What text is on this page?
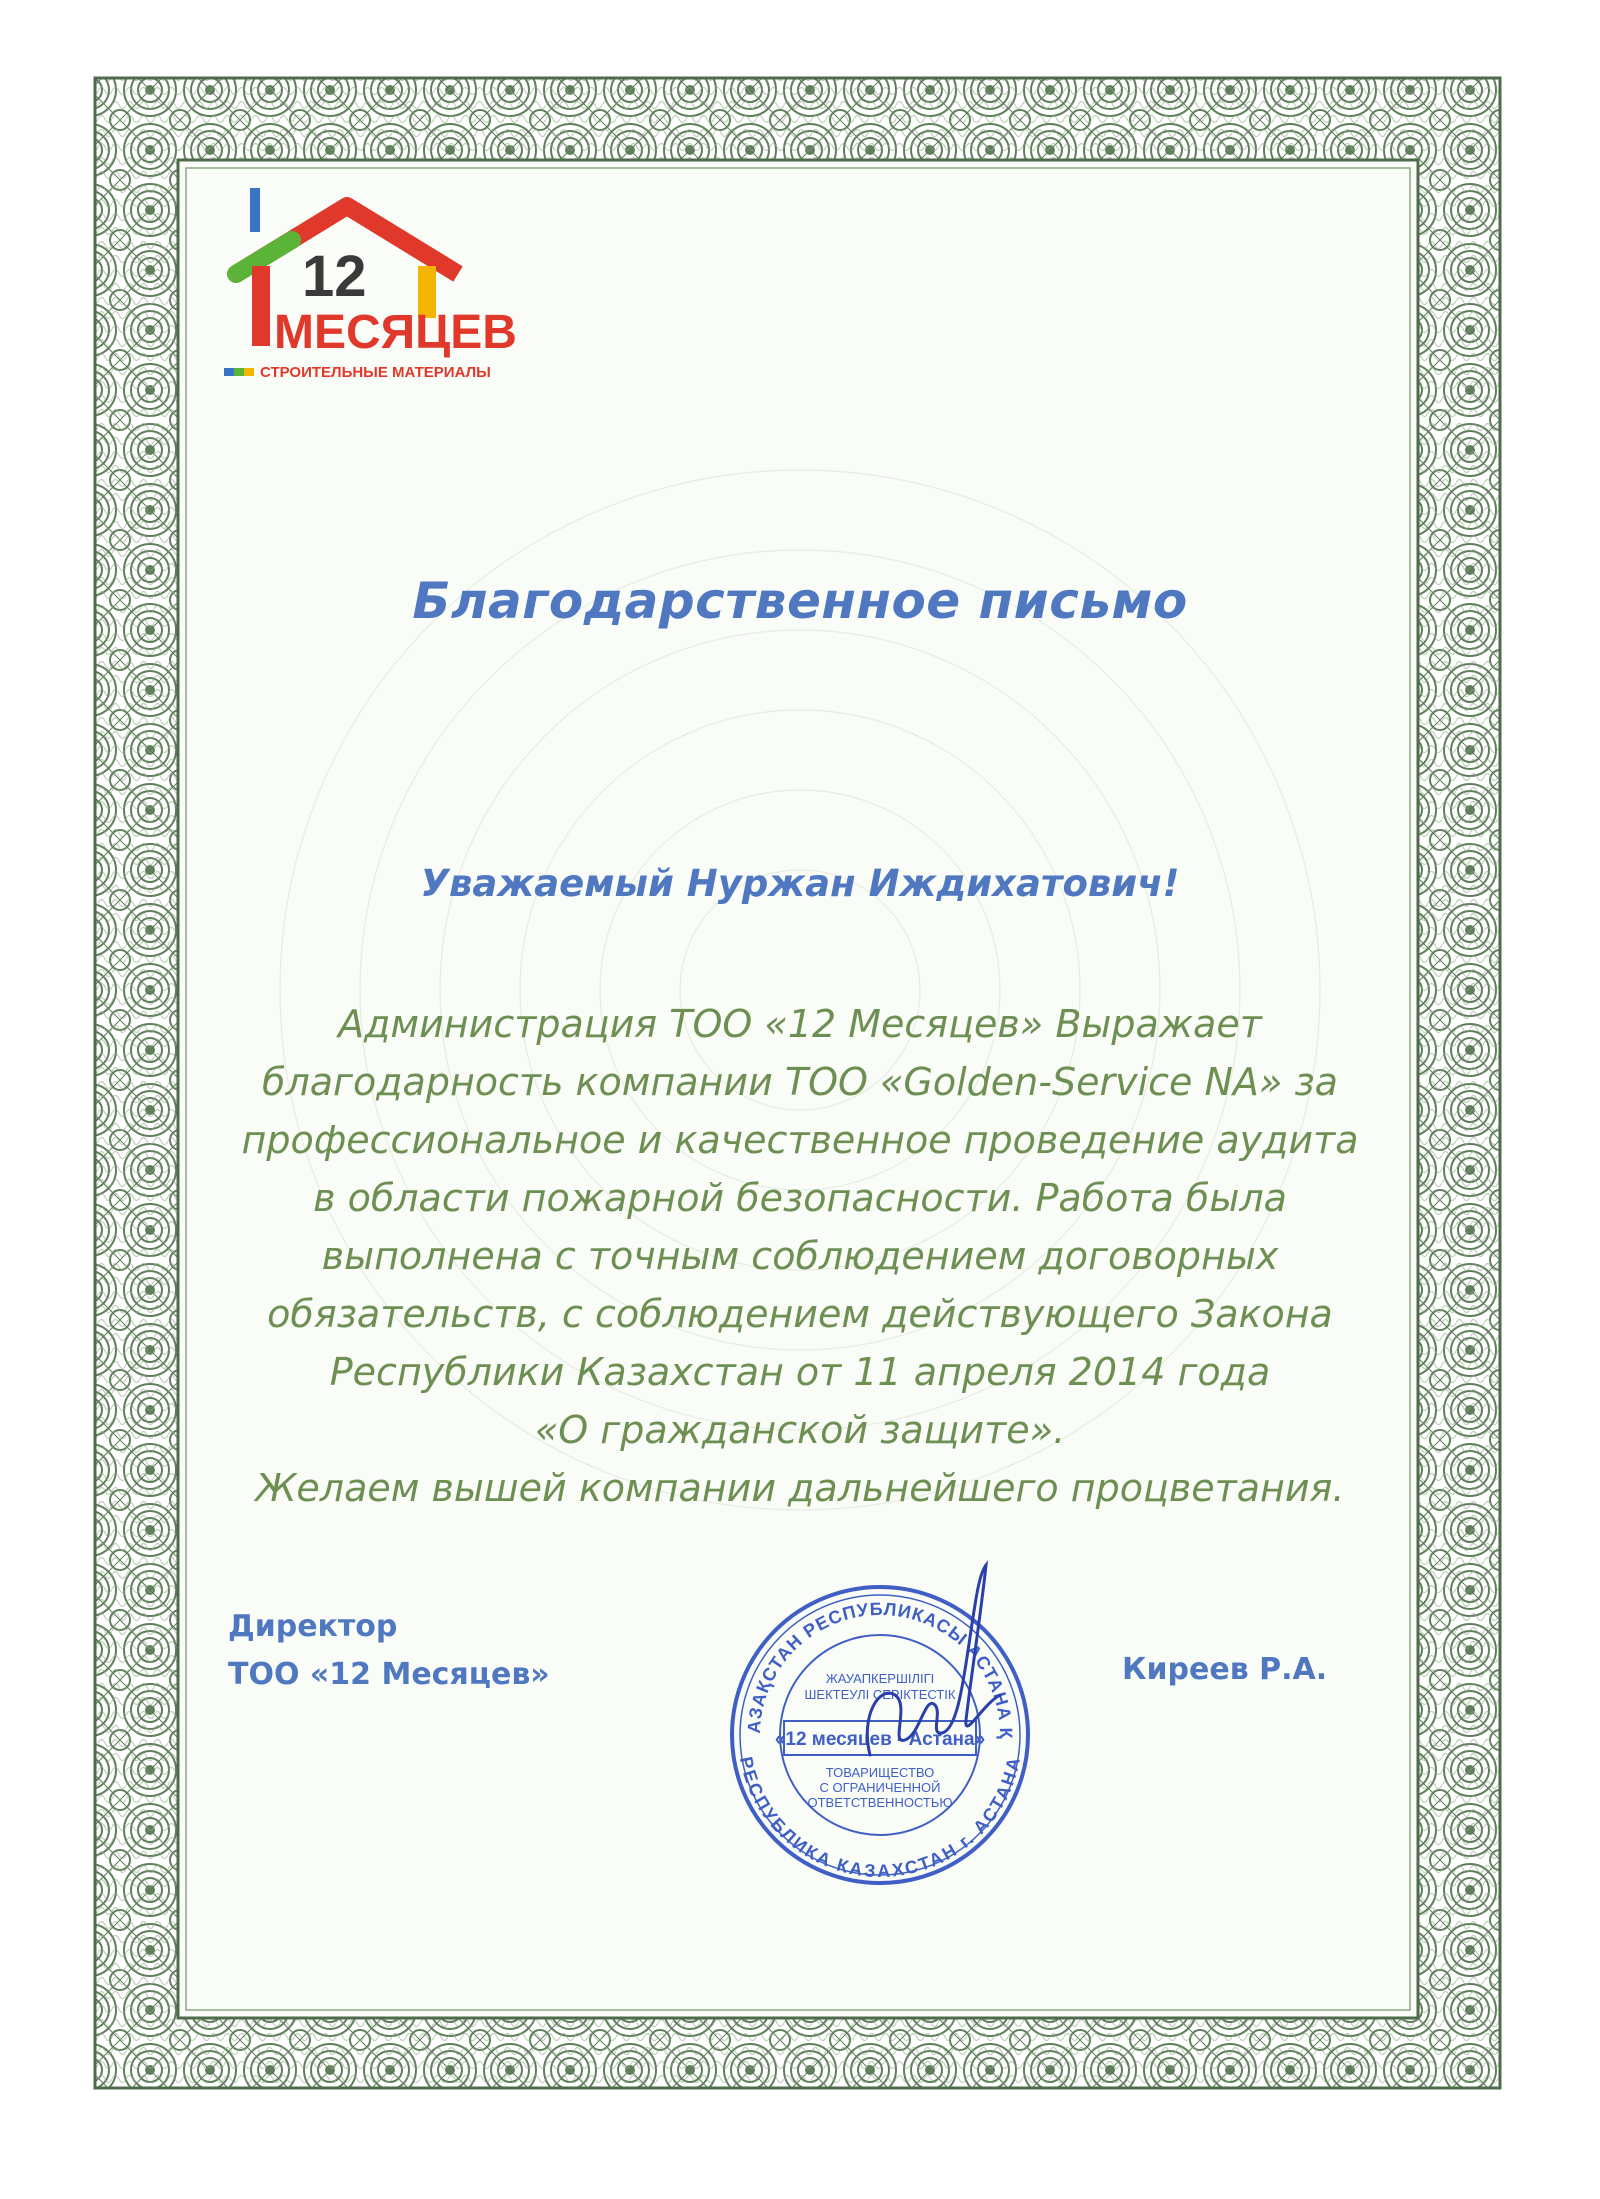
12
МЕСЯЦЕВ
СТРОИТЕЛЬНЫЕ МАТЕРИАЛЫ
Благодарственное письмо
Уважаемый Нуржан Иждихатович!
Администрация ТОО «12 Месяцев» Выражает
благодарность компании ТОО «Golden-Service NA» за
профессиональное и качественное проведение аудита
в области пожарной безопасности. Работа была
выполнена с точным соблюдением договорных
обязательств, с соблюдением действующего Закона
Республики Казахстан от 11 апреля 2014 года
«О гражданской защите».
Желаем вышей компании дальнейшего процветания.
Директор
ТОО «12 Месяцев»	Киреев Р.А.
АЗАҚСТАН РЕСПУБЛИКАСЫ АСТАНА Қ
РЕСПУБЛИКА КАЗАХСТАН г. АСТАНА
ЖАУАПКЕРШІЛІГІ
ШЕКТЕУЛІ СЕРІКТЕСТІК
«12 месяцев - Астана»
ТОВАРИЩЕСТВО
С ОГРАНИЧЕННОЙ
ОТВЕТСТВЕННОСТЬЮ
